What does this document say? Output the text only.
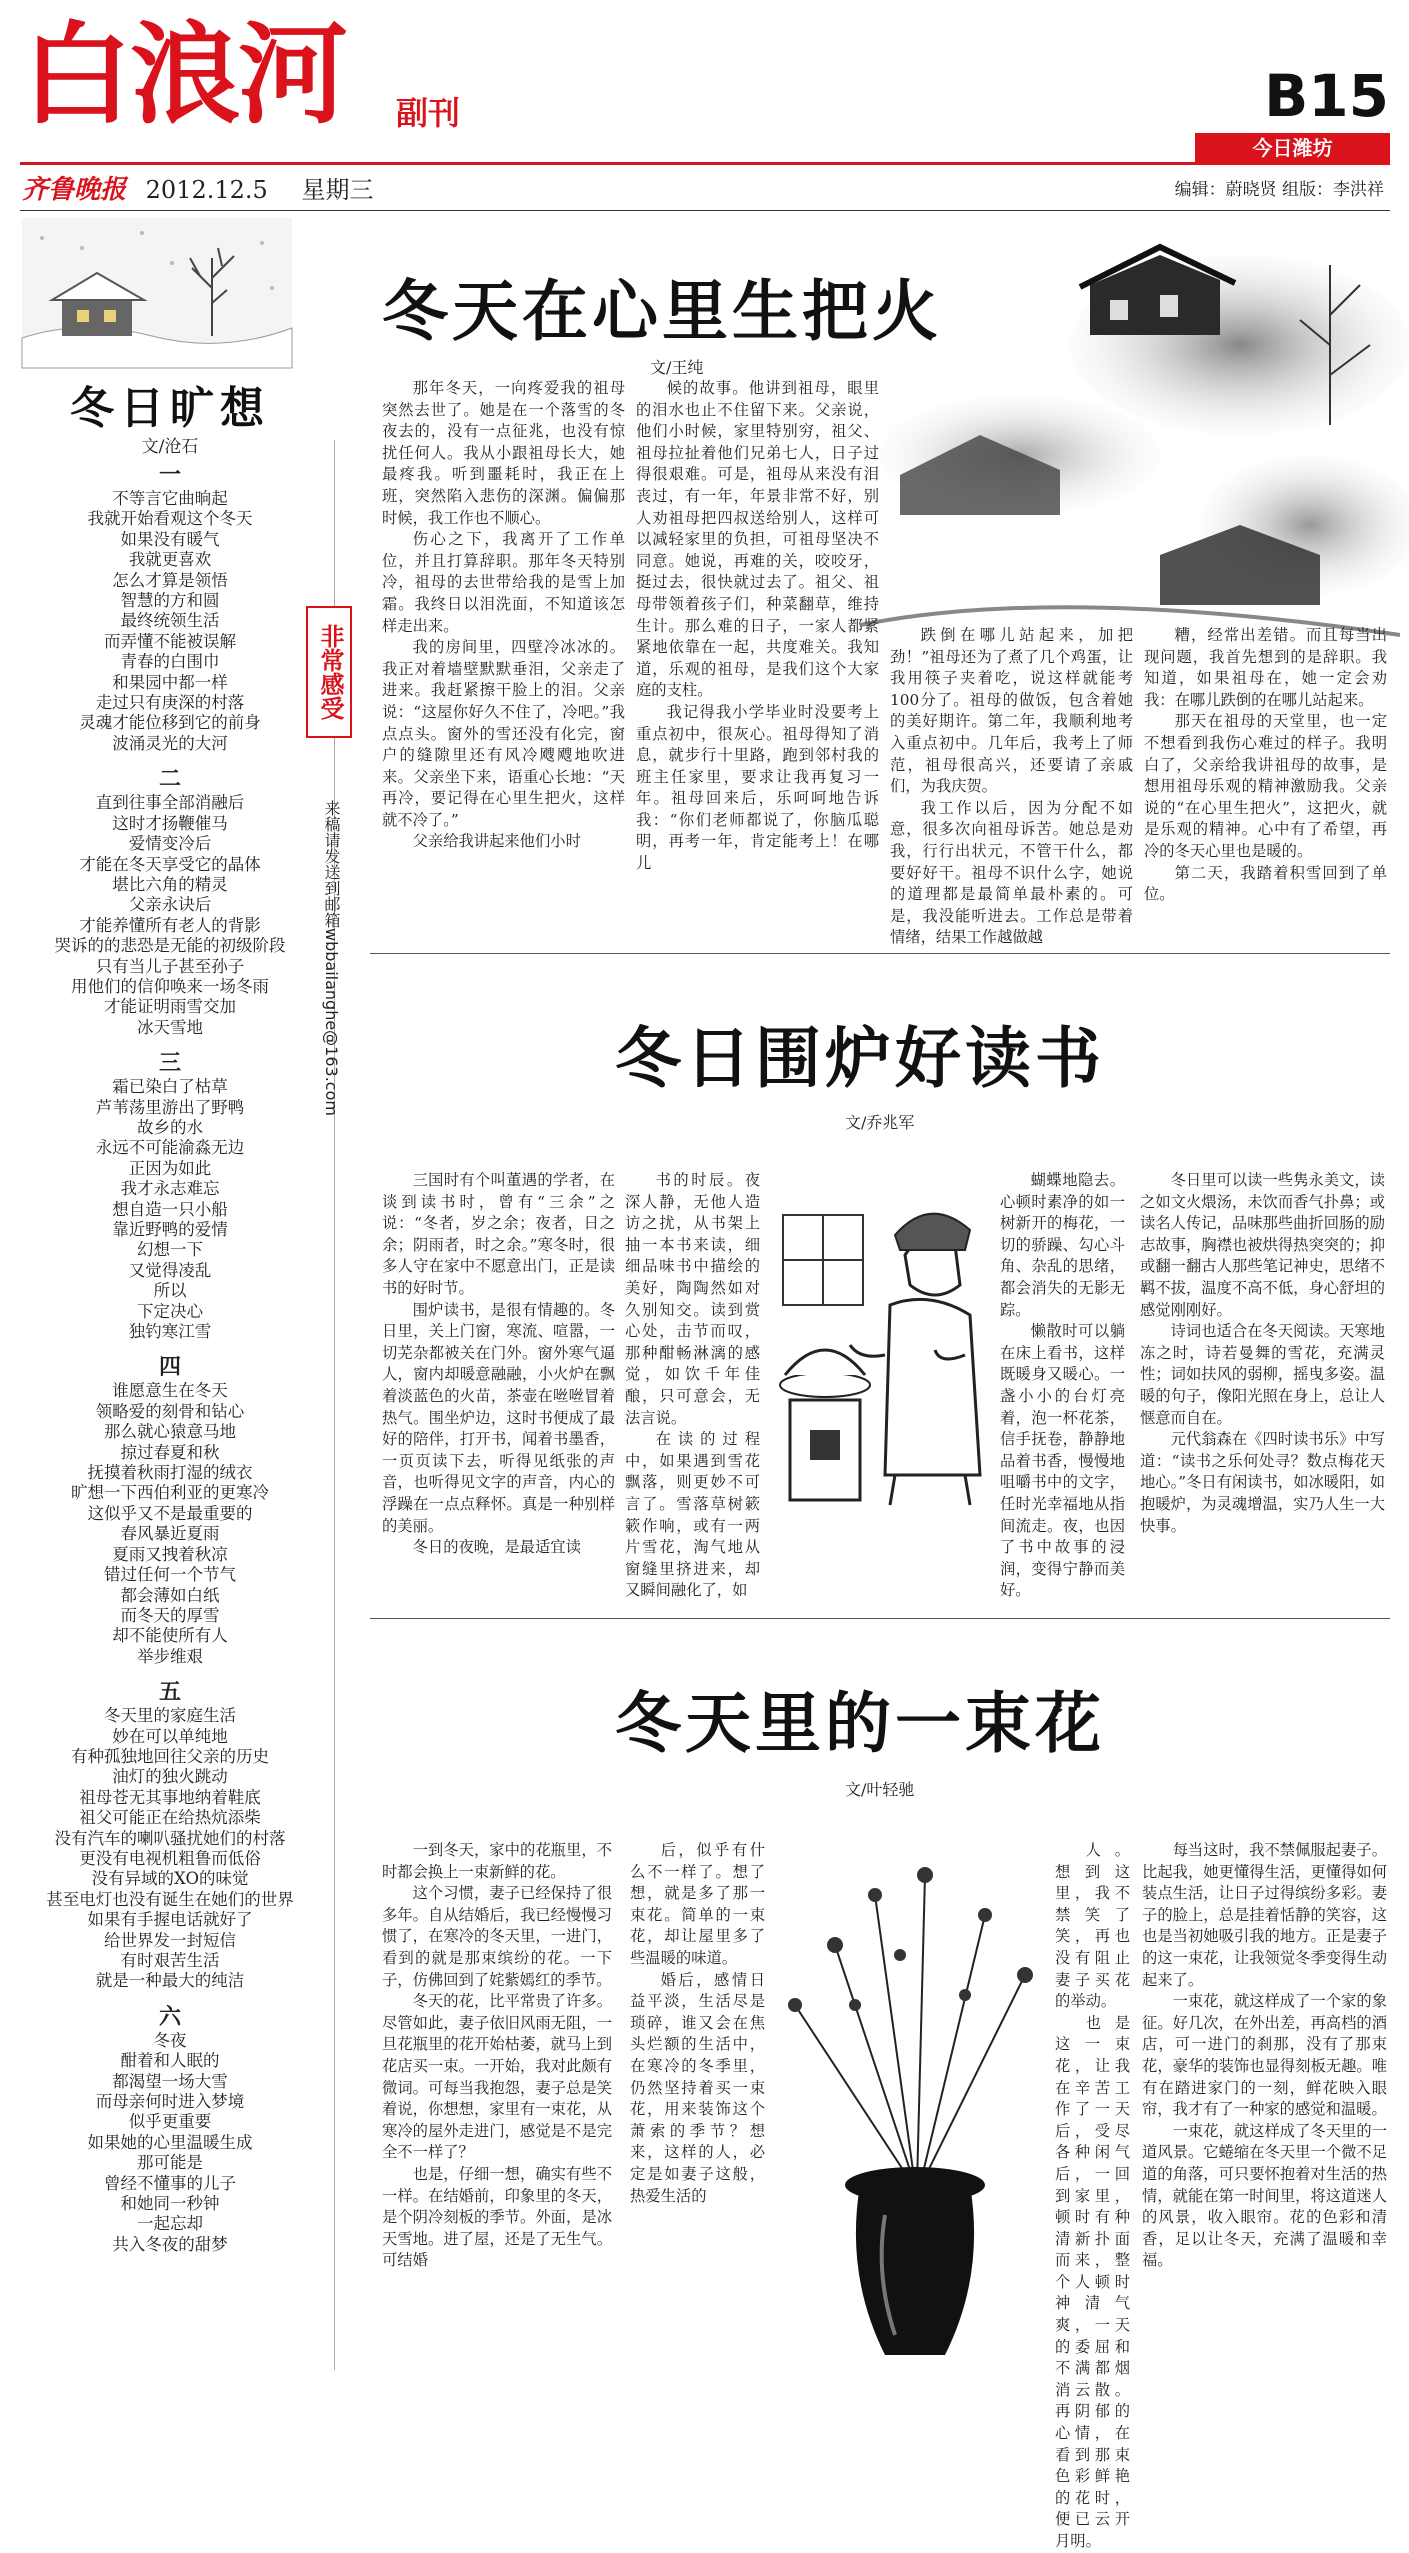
白浪河 副刊	B15
今日潍坊
齐鲁晚报 2012.12.5 星期三	编辑：蔚晓贤 组版：李洪祥
冬日旷想
文/沧石
一
不等言它曲晌起
我就开始看观这个冬天
如果没有暖气
我就更喜欢
怎么才算是领悟
智慧的方和圆
最终统领生活
而弄懂不能被误解
青春的白围巾
和果园中都一样
走过只有庚深的村落
灵魂才能位移到它的前身
波涌灵光的大河
二
直到往事全部消融后
这时才扬鞭催马
爱情变冷后
才能在冬天享受它的晶体
堪比六角的精灵
父亲永诀后
才能养懂所有老人的背影
哭诉的的悲恐是无能的初级阶段
只有当儿子甚至孙子
用他们的信仰唤来一场冬雨
才能证明雨雪交加
冰天雪地
三
霜已染白了枯草
芦苇荡里游出了野鸭
故乡的水
永远不可能渝淼无边
正因为如此
我才永志难忘
想自造一只小船
靠近野鸭的爱情
幻想一下
又觉得凌乱
所以
下定决心
独钓寒江雪
四
谁愿意生在冬天
领略爱的刻骨和钻心
那么就心猿意马地
掠过春夏和秋
抚摸着秋雨打湿的绒衣
旷想一下西伯利亚的更寒冷
这似乎又不是最重要的
春风暴近夏雨
夏雨又拽着秋凉
错过任何一个节气
都会薄如白纸
而冬天的厚雪
却不能使所有人
举步维艰
五
冬天里的家庭生活
妙在可以单纯地
有种孤独地回往父亲的历史
油灯的独火跳动
祖母苍无其事地纳着鞋底
祖父可能正在给热炕添柴
没有汽车的喇叭骚扰她们的村落
更没有电视机粗鲁而低俗
没有异域的XO的味觉
甚至电灯也没有诞生在她们的世界
如果有手握电话就好了
给世界发一封短信
有时艰苦生活
就是一种最大的纯洁
六
冬夜
酣着和人眠的
都渴望一场大雪
而母亲何时进入梦境
似乎更重要
如果她的心里温暖生成
那可能是
曾经不懂事的儿子
和她同一秒钟
一起忘却
共入冬夜的甜梦
非常感受
来稿请发送到邮箱wbbailanghe@163.com
冬天在心里生把火
文/王纯

那年冬天，一向疼爱我的祖母突然去世了。她是在一个落雪的冬夜去的，没有一点征兆，也没有惊扰任何人。我从小跟祖母长大，她最疼我。听到噩耗时，我正在上班，突然陷入悲伤的深渊。偏偏那时候，我工作也不顺心。

伤心之下，我离开了工作单位，并且打算辞职。那年冬天特别冷，祖母的去世带给我的是雪上加霜。我终日以泪洗面，不知道该怎样走出来。

我的房间里，四壁冷冰冰的。我正对着墙壁默默垂泪，父亲走了进来。我赶紧擦干脸上的泪。父亲说：“这屋你好久不住了，冷吧。”我点点头。窗外的雪还没有化完，窗户的缝隙里还有风冷飕飕地吹进来。父亲坐下来，语重心长地：“天再冷，要记得在心里生把火，这样就不冷了。”

父亲给我讲起来他们小时

候的故事。他讲到祖母，眼里的泪水也止不住留下来。父亲说，他们小时候，家里特别穷，祖父、祖母拉扯着他们兄弟七人，日子过得很艰难。可是，祖母从来没有泪丧过，有一年，年景非常不好，别人劝祖母把四叔送给别人，这样可以减轻家里的负担，可祖母坚决不同意。她说，再难的关，咬咬牙，挺过去，很快就过去了。祖父、祖母带领着孩子们，种菜翻草，维持生计。那么难的日子，一家人都紧紧地依靠在一起，共度难关。我知道，乐观的祖母，是我们这个大家庭的支柱。

我记得我小学毕业时没要考上重点初中，很灰心。祖母得知了消息，就步行十里路，跑到邻村我的班主任家里，要求让我再复习一年。祖母回来后，乐呵呵地告诉我：“你们老师都说了，你脑瓜聪明，再考一年，肯定能考上！在哪儿

跌倒在哪儿站起来，加把劲！”祖母还为了煮了几个鸡蛋，让我用筷子夹着吃，说这样就能考100分了。祖母的做饭，包含着她的美好期许。第二年，我顺利地考入重点初中。几年后，我考上了师范，祖母很高兴，还要请了亲戚们，为我庆贺。

我工作以后，因为分配不如意，很多次向祖母诉苦。她总是劝我，行行出状元，不管干什么，都要好好干。祖母不识什么字，她说的道理都是最简单最朴素的。可是，我没能听进去。工作总是带着情绪，结果工作越做越

糟，经常出差错。而且每当出现问题，我首先想到的是辞职。我知道，如果祖母在，她一定会劝我：在哪儿跌倒的在哪儿站起来。

那天在祖母的天堂里，也一定不想看到我伤心难过的样子。我明白了，父亲给我讲祖母的故事，是想用祖母乐观的精神激励我。父亲说的“在心里生把火”，这把火，就是乐观的精神。心中有了希望，再冷的冬天心里也是暖的。

第二天，我踏着积雪回到了单位。

冬日围炉好读书
文/乔兆军

三国时有个叫董遇的学者，在谈到读书时，曾有“三余”之说：“冬者，岁之余；夜者，日之余；阴雨者，时之余。”寒冬时，很多人守在家中不愿意出门，正是读书的好时节。

围炉读书，是很有情趣的。冬日里，关上门窗，寒流、喧嚣，一切芜杂都被关在门外。窗外寒气逼人，窗内却暖意融融，小火炉在飘着淡蓝色的火苗，茶壶在咝咝冒着热气。围坐炉边，这时书便成了最好的陪伴，打开书，闻着书墨香，一页页读下去，听得见纸张的声音，也听得见文字的声音，内心的浮躁在一点点释怀。真是一种别样的美丽。

冬日的夜晚，是最适宜读

书的时辰。夜深人静，无他人造访之扰，从书架上抽一本书来读，细细品味书中描绘的美好，陶陶然如对久别知交。读到赏心处，击节而叹，那种酣畅淋漓的感觉，如饮千年佳酿，只可意会，无法言说。

在读的过程中，如果遇到雪花飘落，则更妙不可言了。雪落草树簌簌作响，或有一两片雪花，淘气地从窗缝里挤进来，却又瞬间融化了，如

蝴蝶地隐去。心顿时素净的如一树新开的梅花，一切的骄躁、勾心斗角、杂乱的思绪，都会消失的无影无踪。

懒散时可以躺在床上看书，这样既暖身又暖心。一盏小小的台灯亮着，泡一杯花茶，信手抚卷，静静地品着书香，慢慢地咀嚼书中的文字，任时光幸福地从指间流走。夜，也因了书中故事的浸润，变得宁静而美好。

冬日里可以读一些隽永美文，读之如文火煨汤，未饮而香气扑鼻；或读名人传记，品味那些曲折回肠的励志故事，胸襟也被烘得热突突的；抑或翻一翻古人那些笔记神史，思绪不羁不拔，温度不高不低，身心舒坦的感觉刚刚好。

诗词也适合在冬天阅读。天寒地冻之时，诗若曼舞的雪花，充满灵性；词如扶风的弱柳，摇曳多姿。温暖的句子，像阳光照在身上，总让人惬意而自在。

元代翁森在《四时读书乐》中写道：“读书之乐何处寻？数点梅花天地心。”冬日有闲读书，如冰暖阳，如抱暖炉，为灵魂增温，实乃人生一大快事。

冬天里的一束花
文/叶轻驰

一到冬天，家中的花瓶里，不时都会换上一束新鲜的花。

这个习惯，妻子已经保持了很多年。自从结婚后，我已经慢慢习惯了，在寒冷的冬天里，一进门，看到的就是那束缤纷的花。一下子，仿佛回到了姹紫嫣红的季节。

冬天的花，比平常贵了许多。尽管如此，妻子依旧风雨无阻，一旦花瓶里的花开始枯萎，就马上到花店买一束。一开始，我对此颇有微词。可每当我抱怨，妻子总是笑着说，你想想，家里有一束花，从寒冷的屋外走进门，感觉是不是完全不一样了？

也是，仔细一想，确实有些不一样。在结婚前，印象里的冬天，是个阴冷刻板的季节。外面，是冰天雪地。进了屋，还是了无生气。可结婚

后，似乎有什么不一样了。想了想，就是多了那一束花。简单的一束花，却让屋里多了些温暖的味道。

婚后，感情日益平淡，生活尽是琐碎，谁又会在焦头烂额的生活中，在寒冷的冬季里，仍然坚持着买一束花，用来装饰这个萧索的季节？想来，这样的人，必定是如妻子这般，热爱生活的

人。想到这里，我不禁笑了笑，再也没有阻止妻子买花的举动。

也是这一束花，让我在辛苦工作了一天后，受尽各种闲气后，一回到家里，顿时有种清新扑面而来，整个人顿时神清气爽，一天的委屈和不满都烟消云散。再阴郁的心情，在看到那束色彩鲜艳的花时，便已云开月明。

每当这时，我不禁佩服起妻子。比起我，她更懂得生活，更懂得如何装点生活，让日子过得缤纷多彩。妻子的脸上，总是挂着恬静的笑容，这也是当初她吸引我的地方。正是妻子的这一束花，让我领觉冬季变得生动起来了。

一束花，就这样成了一个家的象征。好几次，在外出差，再高档的酒店，可一进门的刹那，没有了那束花，豪华的装饰也显得刻板无趣。唯有在踏进家门的一刻，鲜花映入眼帘，我才有了一种家的感觉和温暖。

一束花，就这样成了冬天里的一道风景。它蜷缩在冬天里一个微不足道的角落，可只要怀抱着对生活的热情，就能在第一时间里，将这道迷人的风景，收入眼帘。花的色彩和清香，足以让冬天，充满了温暖和幸福。
